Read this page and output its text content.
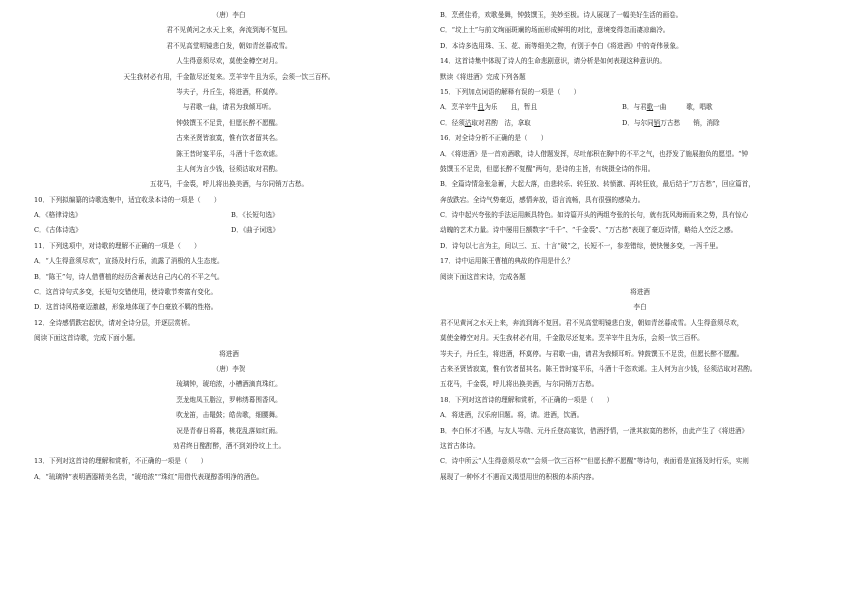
（唐）李白
君不见黄河之水天上来，奔流到海不复回。
君不见高堂明镜悲白发，朝如青丝暮成雪。
人生得意须尽欢，莫使金樽空对月。
天生我材必有用，千金散尽还复来。烹羊宰牛且为乐，会须一饮三百杯。
岑夫子，丹丘生，将进酒，杯莫停。
与君歌一曲，请君为我倾耳听。
钟鼓馔玉不足贵，但愿长醉不愿醒。
古来圣贤皆寂寞，惟有饮者留其名。
陈王昔时宴平乐，斗酒十千恣欢谑。
主人何为言少钱，径须沽取对君酌。
五花马，千金裘，呼儿将出换美酒，与尔同销万古愁。
10．下列拟编纂的诗歌选集中，适宜收录本诗的一项是（　　）
A．《格律诗选》	B．《长短句选》
C．《古体诗选》	D．《曲子词选》
11．下列选项中，对诗歌的理解不正确的一项是（　　）
A．“人生得意须尽欢”，宣扬及时行乐，流露了消极的人生态度。
B．“陈王”句，诗人借曹植的经历含蓄表达自己内心的不平之气。
C．这首诗句式多变，长短句交错使用，使诗歌节奏富有变化。
D．这首诗风格豪迈激越，形象地体现了李白豪放不羁的性格。
12．全诗感情跌宕起伏，请对全诗分层，并逐层赏析。
阅读下面这首诗歌，完成下面小题。
将进酒
（唐）李贺
琉璃钟，琥珀浓，小槽酒滴真珠红。
烹龙炮凤玉脂泣，罗帏绣幕围香风。
吹龙笛，击鼍鼓；皓齿歌，细腰舞。
况是青春日将暮，桃花乱落如红雨。
劝君终日酩酊醉，酒不到刘伶坟上土。
13．下列对这首诗的理解和赏析，不正确的一项是（　　）
A．“琉璃钟”表明酒器精美名贵，“琥珀浓”“珠红”用借代表现醇香明净的酒色。
B．烹煮佳肴，欢歌曼舞，钟鼓馔玉，美妙至极。诗人展现了一幅美好生活的画卷。
C．“坟上土”与前文绚丽斑斓的场面形成鲜明的对比，意境变得忽而凄凉幽冷。
D．本诗多选用珠、玉、花、雨等细美之物，有别于李白《将进酒》中的奇伟景象。
14．这首诗集中体现了诗人的生命悲剧意识，请分析是如何表现这种意识的。
默读《将进酒》完成下列各题
15．下列加点词语的解释有误的一项是（　　）
A．烹羊宰牛且为乐　　 且，暂且	B．与君歌一曲　　　	歌，唱歌
C．径须沽取对君酌　 沽，拿取	D．与尔同销万古愁　　 销，消除
16．对全诗分析不正确的是（　　）
A．《将进酒》是一首劝酒歌，诗人借题发挥，尽吐郁积在胸中的不平之气，也抒发了施展抱负的愿望。“钟
鼓馔玉不足贵，但愿长醉不复醒”两句，是诗的主旨，有统摄全诗的作用。
B．全篇诗情急张急蓄，大起大落，由悲转乐、转狂放、转愤激、再转狂放，最后结于“万古愁”，回应篇首，
奔放跌宕。全诗气势豪迈，感情奔放，语言流畅，具有很强的感染力。
C．诗中起兴夸张的手法运用颇具特色。如诗篇开头的两组夸张的长句，就有抚风海雨而来之势，具有惊心
动魄的艺术力量。诗中屡用巨额数字“千千”、“千金裘”、“万古愁”表现了豪迈诗情，略给人空泛之感。
D．诗句以七言为主，间以三、五、十言“破”之，长短不一，参差错综，使快慢多变，一泻千里。
17．诗中运用陈王曹植的典故的作用是什么？
阅读下面这首宋诗，完成各题
将进酒
李白
君不见黄河之水天上来，奔流到海不复回。君不见高堂明镜悲白发，朝如青丝暮成雪。人生得意须尽欢，
莫使金樽空对月。天生我材必有用，千金散尽还复来。烹羊宰牛且为乐，会须一饮三百杯。
岑夫子，丹丘生，将进酒，杯莫停。与君歌一曲，请君为我倾耳听。钟鼓馔玉不足贵，但愿长醉不愿醒。
古来圣贤皆寂寞，惟有饮者留其名。陈王昔时宴平乐，斗酒十千恣欢谑。主人何为言少钱，径须沽取对君酌。
五花马，千金裘，呼儿将出换美酒，与尔同销万古愁。
18．下列对这首诗的理解和赏析，不正确的一项是（　　）
A．将进酒，汉乐府旧题。将，请。进酒，饮酒。
B．李白怀才不遇，与友人岑勋、元丹丘登高宴饮，借酒抒情，一泄其寂寞的愁怀，由此产生了《将进酒》
这首古体诗。
C．诗中所云“人生得意须尽欢”“会须一饮三百杯”“但愿长醉不愿醒”等诗句，表面看是宣扬及时行乐，实则
展现了一种怀才不遇而又渴望用世的积极的本质内容。
